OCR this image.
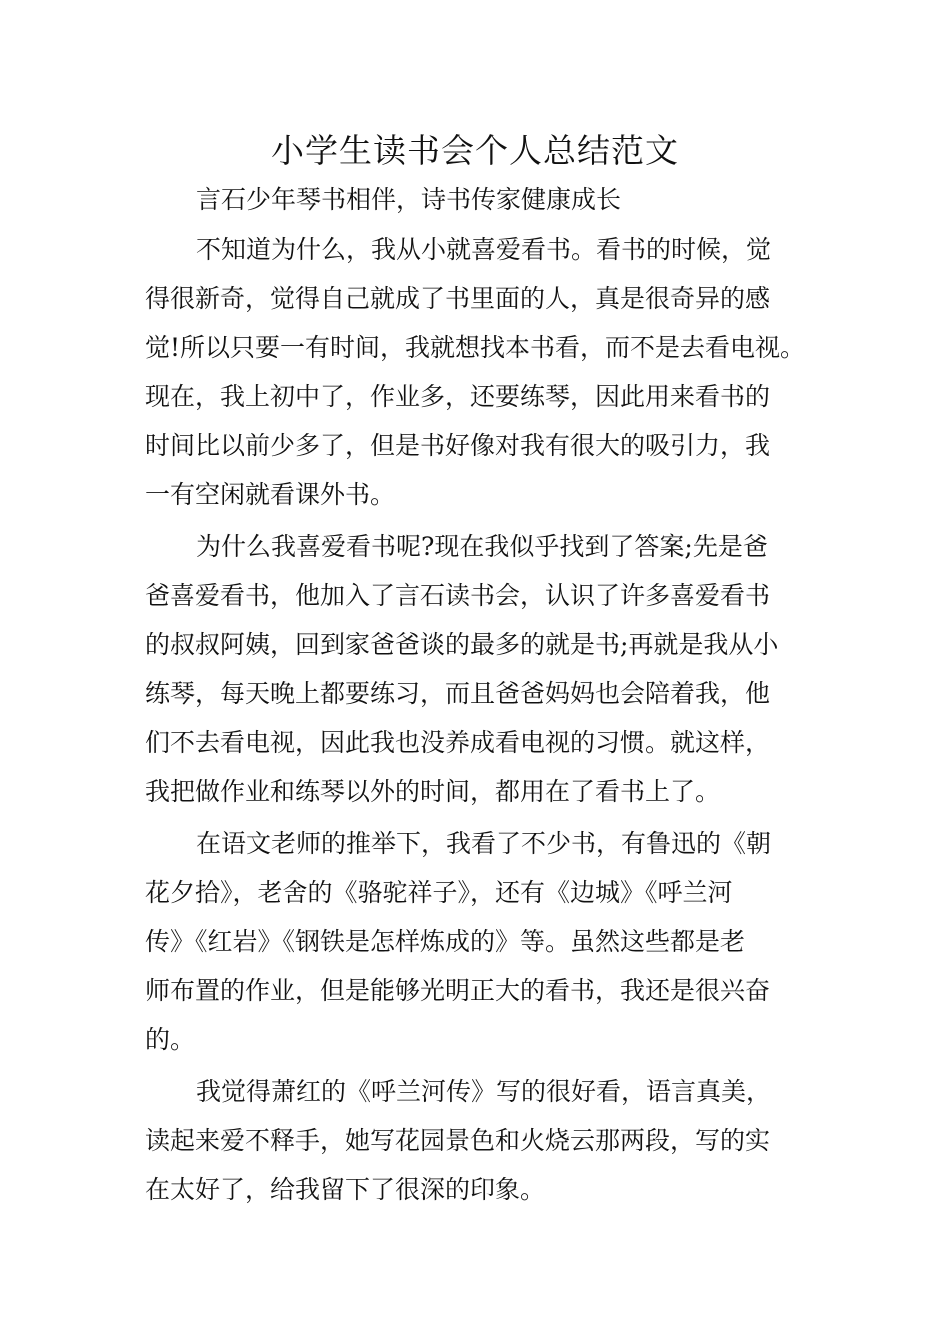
小学生读书会个人总结范文

言石少年琴书相伴，诗书传家健康成长

不知道为什么，我从小就喜爱看书。看书的时候，觉
得很新奇，觉得自己就成了书里面的人，真是很奇异的感
觉!所以只要一有时间，我就想找本书看，而不是去看电视。
现在，我上初中了，作业多，还要练琴，因此用来看书的
时间比以前少多了，但是书好像对我有很大的吸引力，我
一有空闲就看课外书。

为什么我喜爱看书呢?现在我似乎找到了答案;先是爸
爸喜爱看书，他加入了言石读书会，认识了许多喜爱看书
的叔叔阿姨，回到家爸爸谈的最多的就是书;再就是我从小
练琴，每天晚上都要练习，而且爸爸妈妈也会陪着我，他
们不去看电视，因此我也没养成看电视的习惯。就这样，
我把做作业和练琴以外的时间，都用在了看书上了。

在语文老师的推举下，我看了不少书，有鲁迅的《朝
花夕拾》，老舍的《骆驼祥子》，还有《边城》《呼兰河
传》《红岩》《钢铁是怎样炼成的》等。虽然这些都是老
师布置的作业，但是能够光明正大的看书，我还是很兴奋
的。

我觉得萧红的《呼兰河传》写的很好看，语言真美，
读起来爱不释手，她写花园景色和火烧云那两段，写的实
在太好了，给我留下了很深的印象。
